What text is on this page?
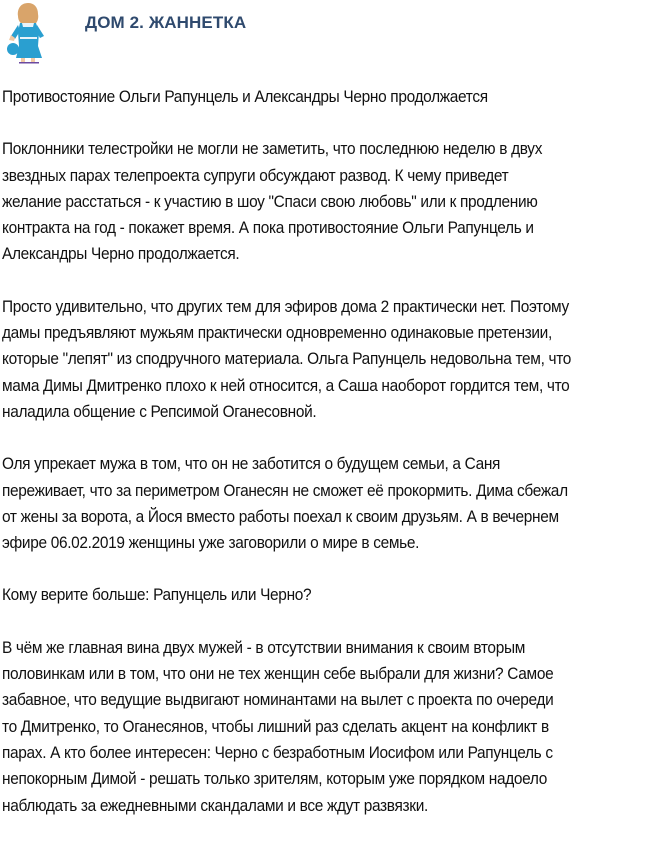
ДОМ 2. ЖАННЕТКА

Противостояние Ольги Рапунцель и Александры Черно продолжается

Поклонники телестройки не могли не заметить, что последнюю неделю в двух
звездных парах телепроекта супруги обсуждают развод. К чему приведет
желание расстаться - к участию в шоу "Спаси свою любовь" или к продлению
контракта на год - покажет время. А пока противостояние Ольги Рапунцель и
Александры Черно продолжается.

Просто удивительно, что других тем для эфиров дома 2 практически нет. Поэтому
дамы предъявляют мужьям практически одновременно одинаковые претензии,
которые "лепят" из сподручного материала. Ольга Рапунцель недовольна тем, что
мама Димы Дмитренко плохо к ней относится, а Саша наоборот гордится тем, что
наладила общение с Репсимой Оганесовной.

Оля упрекает мужа в том, что он не заботится о будущем семьи, а Саня
переживает, что за периметром Оганесян не сможет её прокормить. Дима сбежал
от жены за ворота, а Йося вместо работы поехал к своим друзьям. А в вечернем
эфире 06.02.2019 женщины уже заговорили о мире в семье.

Кому верите больше: Рапунцель или Черно?

В чём же главная вина двух мужей - в отсутствии внимания к своим вторым
половинкам или в том, что они не тех женщин себе выбрали для жизни? Самое
забавное, что ведущие выдвигают номинантами на вылет с проекта по очереди
то Дмитренко, то Оганесянов, чтобы лишний раз сделать акцент на конфликт в
парах. А кто более интересен: Черно с безработным Иосифом или Рапунцель с
непокорным Димой - решать только зрителям, которым уже порядком надоело
наблюдать за ежедневными скандалами и все ждут развязки.
